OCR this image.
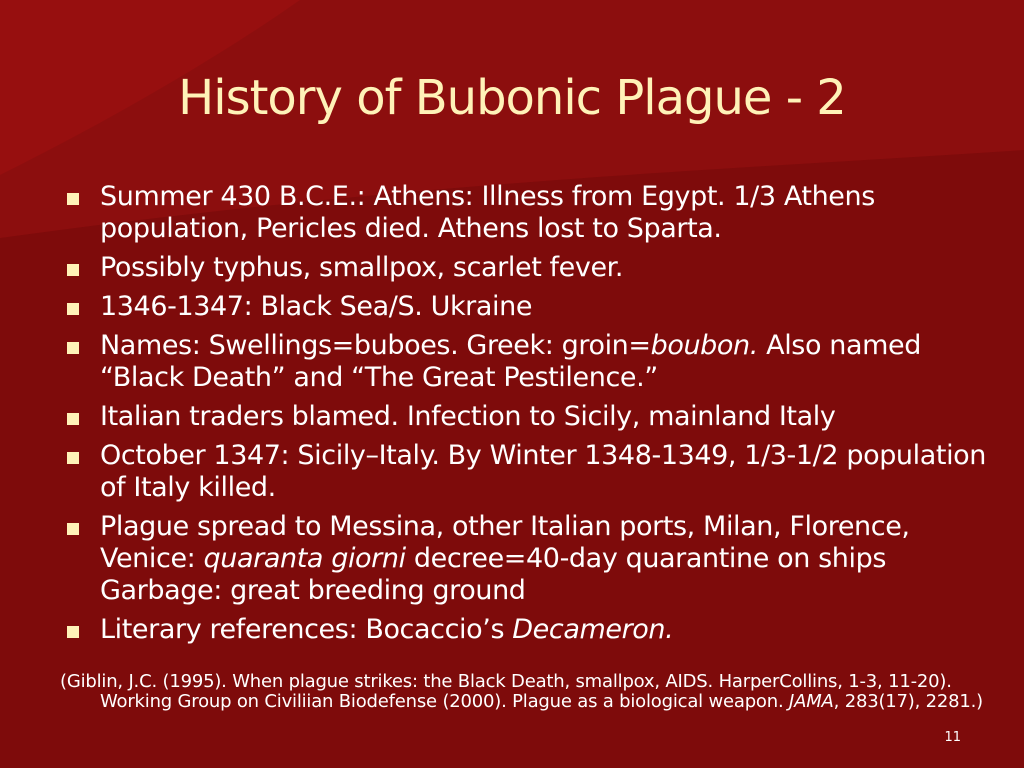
History of Bubonic Plague - 2
Summer 430 B.C.E.: Athens: Illness from Egypt. 1/3 Athens population, Pericles died. Athens lost to Sparta.
Possibly typhus, smallpox, scarlet fever.
1346-1347: Black Sea/S. Ukraine
Names: Swellings=buboes. Greek: groin=boubon. Also named “Black Death” and “The Great Pestilence.”
Italian traders blamed. Infection to Sicily, mainland Italy
October 1347: Sicily–Italy. By Winter 1348-1349, 1/3-1/2 population of Italy killed.
Plague spread to Messina, other Italian ports, Milan, Florence, Venice: quaranta giorni decree=40-day quarantine on ships Garbage: great breeding ground
Literary references: Bocaccio’s Decameron.
(Giblin, J.C. (1995). When plague strikes: the Black Death, smallpox, AIDS. HarperCollins, 1-3, 11-20). Working Group on Civiliian Biodefense (2000). Plague as a biological weapon. JAMA, 283(17), 2281.)
11
